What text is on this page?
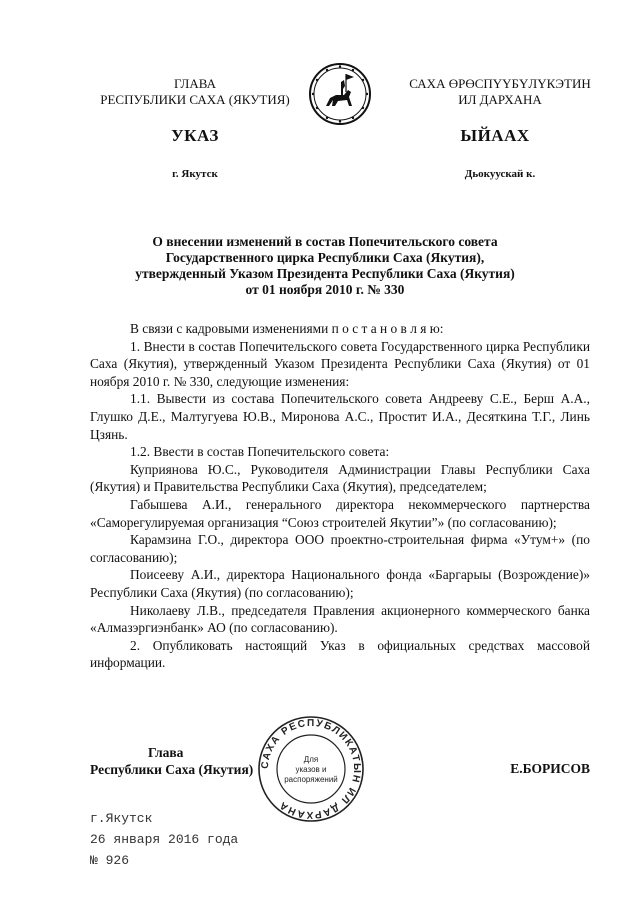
ГЛАВА
РЕСПУБЛИКИ САХА (ЯКУТИЯ)
САХА ӨРӨСПҮҮБҮЛҮКЭТИН
ИЛ ДАРХАНА
УКАЗ	ЫЙААХ
г. Якутск	Дьокуускай к.
О внесении изменений в состав Попечительского совета
Государственного цирка Республики Саха (Якутия),
утвержденный Указом Президента Республики Саха (Якутия)
от 01 ноября 2010 г. № 330

В связи с кадровыми изменениями п о с т а н о в л я ю:

1. Внести в состав Попечительского совета Государственного цирка Республики Саха (Якутия), утвержденный Указом Президента Республики Саха (Якутия) от 01 ноября 2010 г. № 330, следующие изменения:

1.1. Вывести из состава Попечительского совета Андрееву С.Е., Берш А.А., Глушко Д.Е., Малтугуева Ю.В., Миронова А.С., Простит И.А., Десяткина Т.Г., Линь Цзянь.

1.2. Ввести в состав Попечительского совета:

Куприянова Ю.С., Руководителя Администрации Главы Республики Саха (Якутия) и Правительства Республики Саха (Якутия), председателем;

Габышева А.И., генерального директора некоммерческого партнерства «Саморегулируемая организация “Союз строителей Якутии”» (по согласованию);

Карамзина Г.О., директора ООО проектно-строительная фирма «Утум+» (по согласованию);

Поисееву А.И., директора Национального фонда «Баргарыы (Возрождение)» Республики Саха (Якутия) (по согласованию);

Николаеву Л.В., председателя Правления акционерного коммерческого банка «Алмазэргиэнбанк» АО (по согласованию).

2. Опубликовать настоящий Указ в официальных средствах массовой информации.

Глава
Республики Саха (Якутия) САХА РЕСПУБЛИКАТЫН ИЛ ДАРХАНА
Для
указов и
распоряжений
Е.БОРИСОВ
г.Якутск
26 января 2016 года
№ 926
